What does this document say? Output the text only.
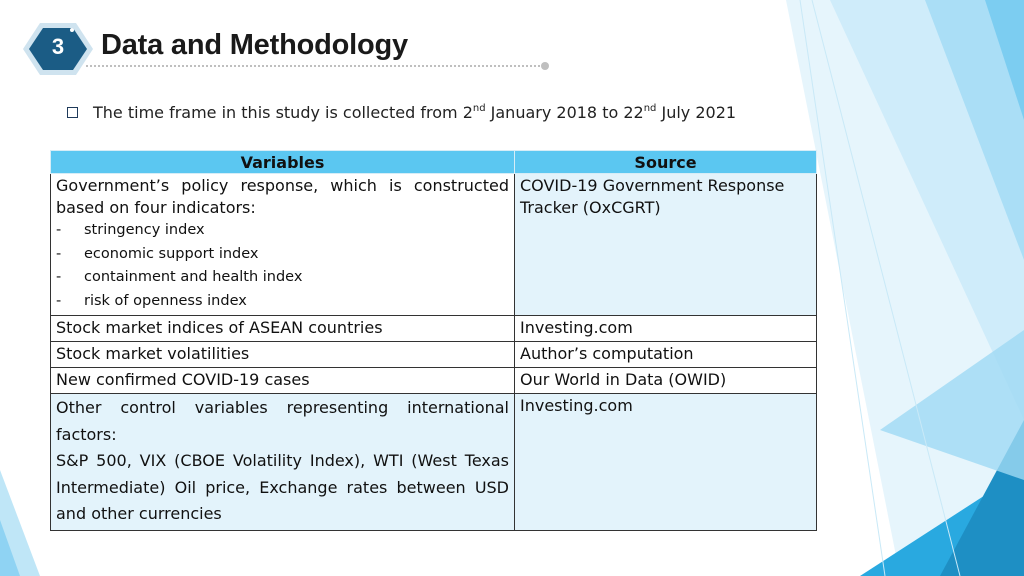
3	Data and Methodology
The time frame in this study is collected from 2nd January 2018 to 22nd July 2021
Variables	Source

Government’s policy response, which is constructed based on four indicators:
- stringency index
- economic support index
- containment and health index
- risk of openness index	COVID-19 Government Response Tracker (OxCGRT)
Stock market indices of ASEAN countries	Investing.com
Stock market volatilities	Author’s computation
New confirmed COVID-19 cases	Our World in Data (OWID)

Other control variables representing international factors:
S&P 500, VIX (CBOE Volatility Index), WTI (West Texas Intermediate) Oil price, Exchange rates between USD and other currencies	Investing.com
